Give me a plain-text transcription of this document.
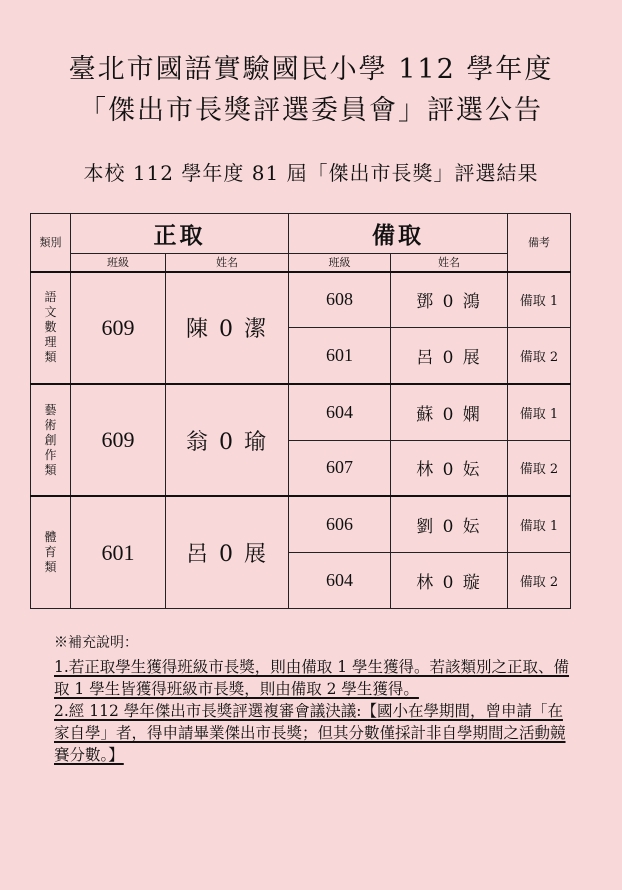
臺北市國語實驗國民小學 112 學年度
「傑出市長獎評選委員會」評選公告
本校 112 學年度 81 屆「傑出市長獎」評選結果
類別	正取		備取		備考
	班級	姓名	班級	姓名	

語
文
數
理
類	609	陳 0 潔	608	鄧 0 鴻	備取 1
			601	呂 0 展	備取 2

藝
術
創
作
類	609	翁 0 瑜	604	蘇 0 嫻	備取 1
			607	林 0 妘	備取 2

體
育
類	601	呂 0 展	606	劉 0 妘	備取 1
			604	林 0 璇	備取 2

※補充說明：

1.若正取學生獲得班級市長獎，則由備取 1 學生獲得。若該類別之正取、備取 1 學生皆獲得班級市長獎，則由備取 2 學生獲得。

2.經 112 學年傑出市長獎評選複審會議決議:【國小在學期間，曾申請「在家自學」者，得申請畢業傑出市長獎；但其分數僅採計非自學期間之活動競賽分數。】
